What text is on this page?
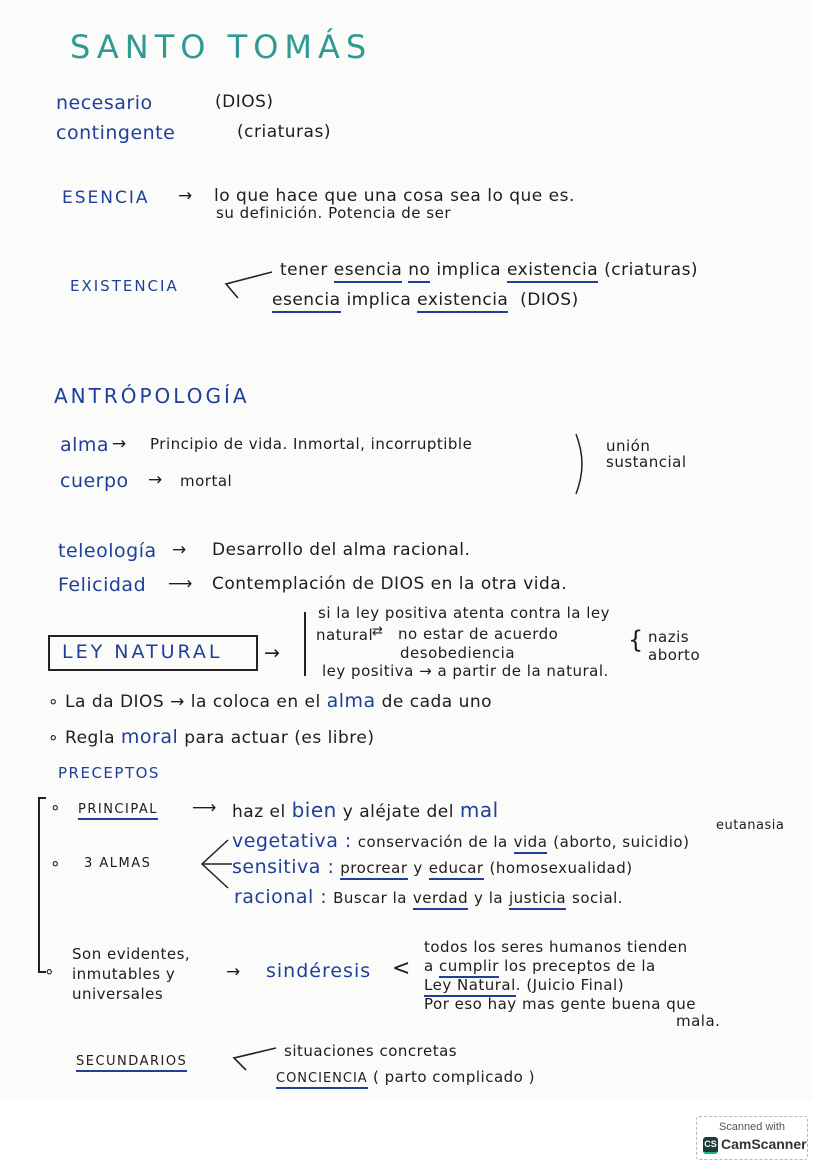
SANTO TOMÁS
necesario	(DIOS)
contingente	(criaturas)
ESENCIA → lo que hace que una cosa sea lo que es.
su definición. Potencia de ser
EXISTENCIA
tener esencia no implica existencia (criaturas)
esencia implica existencia (DIOS)
ANTRÓPOLOGÍA
alma → Principio de vida. Inmortal, incorruptible
cuerpo → mortal
unión
sustancial
teleología → Desarrollo del alma racional.
Felicidad ⟶ Contemplación de DIOS en la otra vida.
LEY NATURAL →
si la ley positiva atenta contra la ley
natural
⇄ no estar de acuerdo
desobediencia	{ nazis
aborto
ley positiva → a partir de la natural.
∘ La da DIOS → la coloca en el alma de cada uno
∘ Regla moral para actuar (es libre)
PRECEPTOS
∘ PRINCIPAL ⟶ haz el bien y aléjate del mal
eutanasia
∘ 3 ALMAS
vegetativa : conservación de la vida (aborto, suicidio)
sensitiva : procrear y educar (homosexualidad)
racional : Buscar la verdad y la justicia social.
∘
Son evidentes,
inmutables y
universales
→ sindéresis <
todos los seres humanos tienden
a cumplir los preceptos de la
Ley Natural. (Juicio Final)
Por eso hay mas gente buena que
mala.
SECUNDARIOS
situaciones concretas
CONCIENCIA ( parto complicado )
Scanned with
CS CamScanner
